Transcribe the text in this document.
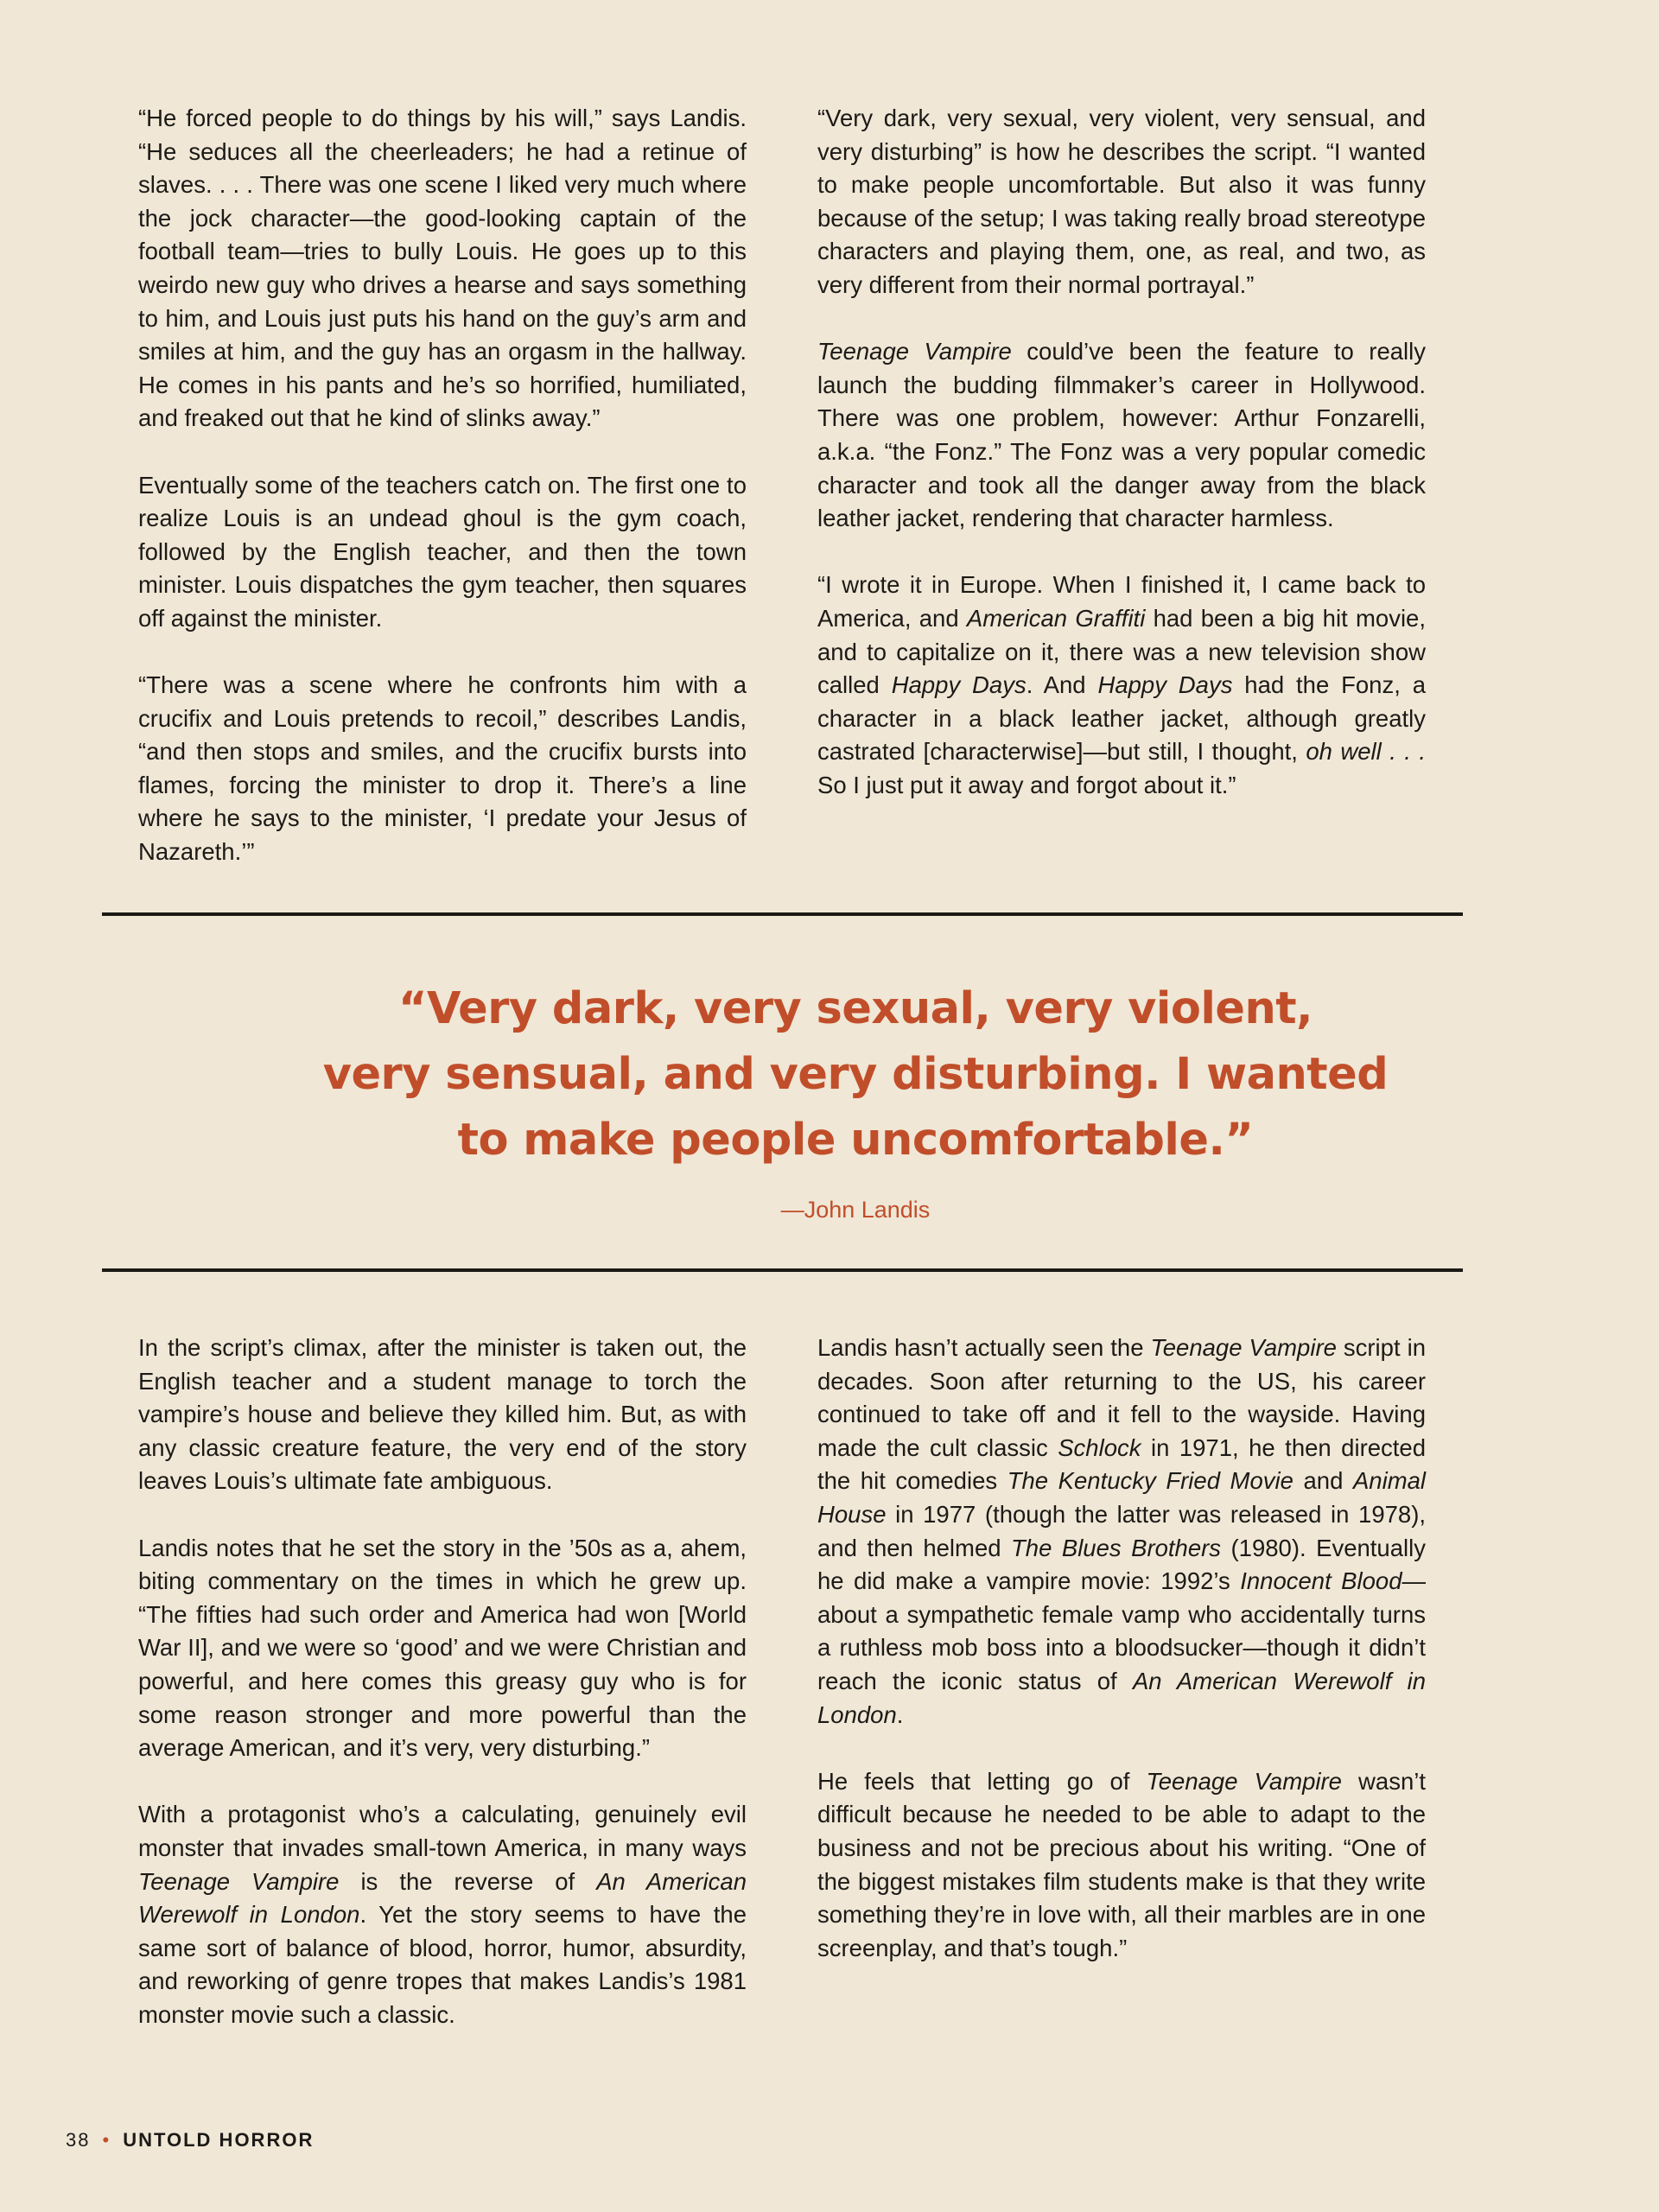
“He forced people to do things by his will,” says Landis. “He seduces all the cheerleaders; he had a retinue of slaves. . . . There was one scene I liked very much where the jock character—the good-looking captain of the football team—tries to bully Louis. He goes up to this weirdo new guy who drives a hearse and says something to him, and Louis just puts his hand on the guy’s arm and smiles at him, and the guy has an orgasm in the hallway. He comes in his pants and he’s so horrified, humiliated, and freaked out that he kind of slinks away.”

Eventually some of the teachers catch on. The first one to realize Louis is an undead ghoul is the gym coach, followed by the English teacher, and then the town minister. Louis dispatches the gym teacher, then squares off against the minister.

“There was a scene where he confronts him with a crucifix and Louis pretends to recoil,” describes Landis, “and then stops and smiles, and the crucifix bursts into flames, forcing the minister to drop it. There’s a line where he says to the minister, ‘I predate your Jesus of Nazareth.’”

“Very dark, very sexual, very violent, very sensual, and very disturbing” is how he describes the script. “I wanted to make people uncomfortable. But also it was funny because of the setup; I was taking really broad stereotype characters and playing them, one, as real, and two, as very different from their normal portrayal.”

Teenage Vampire could’ve been the feature to really launch the budding filmmaker’s career in Hollywood. There was one problem, however: Arthur Fonzarelli, a.k.a. “the Fonz.” The Fonz was a very popular comedic character and took all the danger away from the black leather jacket, rendering that character harmless.

“I wrote it in Europe. When I finished it, I came back to America, and American Graffiti had been a big hit movie, and to capitalize on it, there was a new television show called Happy Days. And Happy Days had the Fonz, a character in a black leather jacket, although greatly castrated [characterwise]—but still, I thought, oh well . . . So I just put it away and forgot about it.”

“Very dark, very sexual, very violent,
very sensual, and very disturbing. I wanted
to make people uncomfortable.”
—John Landis

In the script’s climax, after the minister is taken out, the English teacher and a student manage to torch the vampire’s house and believe they killed him. But, as with any classic creature feature, the very end of the story leaves Louis’s ultimate fate ambiguous.

Landis notes that he set the story in the ’50s as a, ahem, biting commentary on the times in which he grew up. “The fifties had such order and America had won [World War II], and we were so ‘good’ and we were Christian and powerful, and here comes this greasy guy who is for some reason stronger and more powerful than the average American, and it’s very, very disturbing.”

With a protagonist who’s a calculating, genuinely evil monster that invades small-town America, in many ways Teenage Vampire is the reverse of An American Werewolf in London. Yet the story seems to have the same sort of balance of blood, horror, humor, absurdity, and reworking of genre tropes that makes Landis’s 1981 monster movie such a classic.

Landis hasn’t actually seen the Teenage Vampire script in decades. Soon after returning to the US, his career continued to take off and it fell to the wayside. Having made the cult classic Schlock in 1971, he then directed the hit comedies The Kentucky Fried Movie and Animal House in 1977 (though the latter was released in 1978), and then helmed The Blues Brothers (1980). Eventually he did make a vampire movie: 1992’s Innocent Blood—about a sympathetic female vamp who accidentally turns a ruthless mob boss into a bloodsucker—though it didn’t reach the iconic status of An American Werewolf in London.

He feels that letting go of Teenage Vampire wasn’t difficult because he needed to be able to adapt to the business and not be precious about his writing. “One of the biggest mistakes film students make is that they write something they’re in love with, all their marbles are in one screenplay, and that’s tough.”

38 • UNTOLD HORROR
